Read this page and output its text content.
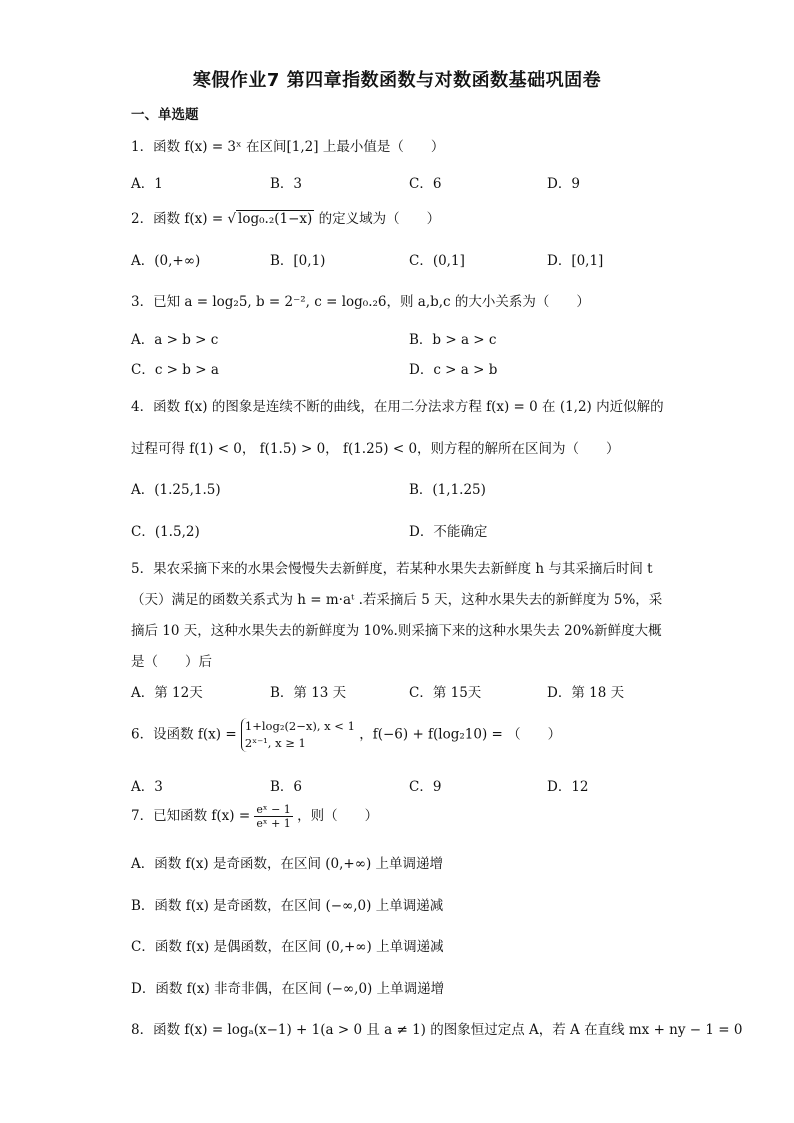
寒假作业7 第四章指数函数与对数函数基础巩固卷
一、单选题
1．函数 f(x) = 3ˣ 在区间[1,2] 上最小值是（　　）
A．1	B．3	C．6	D．9
2．函数 f(x) = √ log₀.₂(1−x) 的定义域为（　　）
A．(0,+∞)	B．[0,1)	C．(0,1]	D．[0,1]
3．已知 a = log₂5, b = 2⁻², c = log₀.₂6，则 a,b,c 的大小关系为（　　）
A．a > b > c	B．b > a > c
C．c > b > a	D．c > a > b
4．函数 f(x) 的图象是连续不断的曲线，在用二分法求方程 f(x) = 0 在 (1,2) 内近似解的
过程可得 f(1) < 0， f(1.5) > 0， f(1.25) < 0，则方程的解所在区间为（　　）
A．(1.25,1.5)	B．(1,1.25)
C．(1.5,2)	D．不能确定
5．果农采摘下来的水果会慢慢失去新鲜度，若某种水果失去新鲜度 h 与其采摘后时间 t
（天）满足的函数关系式为 h = m·aᵗ .若采摘后 5 天，这种水果失去的新鲜度为 5%，采
摘后 10 天，这种水果失去的新鲜度为 10%.则采摘下来的这种水果失去 20%新鲜度大概
是（　　）后
A．第 12天	B．第 13 天	C．第 15天	D．第 18 天
6．设函数 f(x) =
1+log₂(2−x), x < 1
2ˣ⁻¹, x ≥ 1
，f(−6) + f(log₂10) = （　　）
A．3	B．6	C．9	D．12
7．已知函数 $f(x) = \frac{\text{eˣ − 1}}{\text{eˣ + 1}}$ ，则（　　）
A．函数 f(x) 是奇函数，在区间 (0,+∞) 上单调递增
B．函数 f(x) 是奇函数，在区间 (−∞,0) 上单调递减
C．函数 f(x) 是偶函数，在区间 (0,+∞) 上单调递减
D．函数 f(x) 非奇非偶，在区间 (−∞,0) 上单调递增
8．函数 f(x) = logₐ(x−1) + 1(a > 0 且 a ≠ 1) 的图象恒过定点 A，若 A 在直线 mx + ny − 1 = 0
